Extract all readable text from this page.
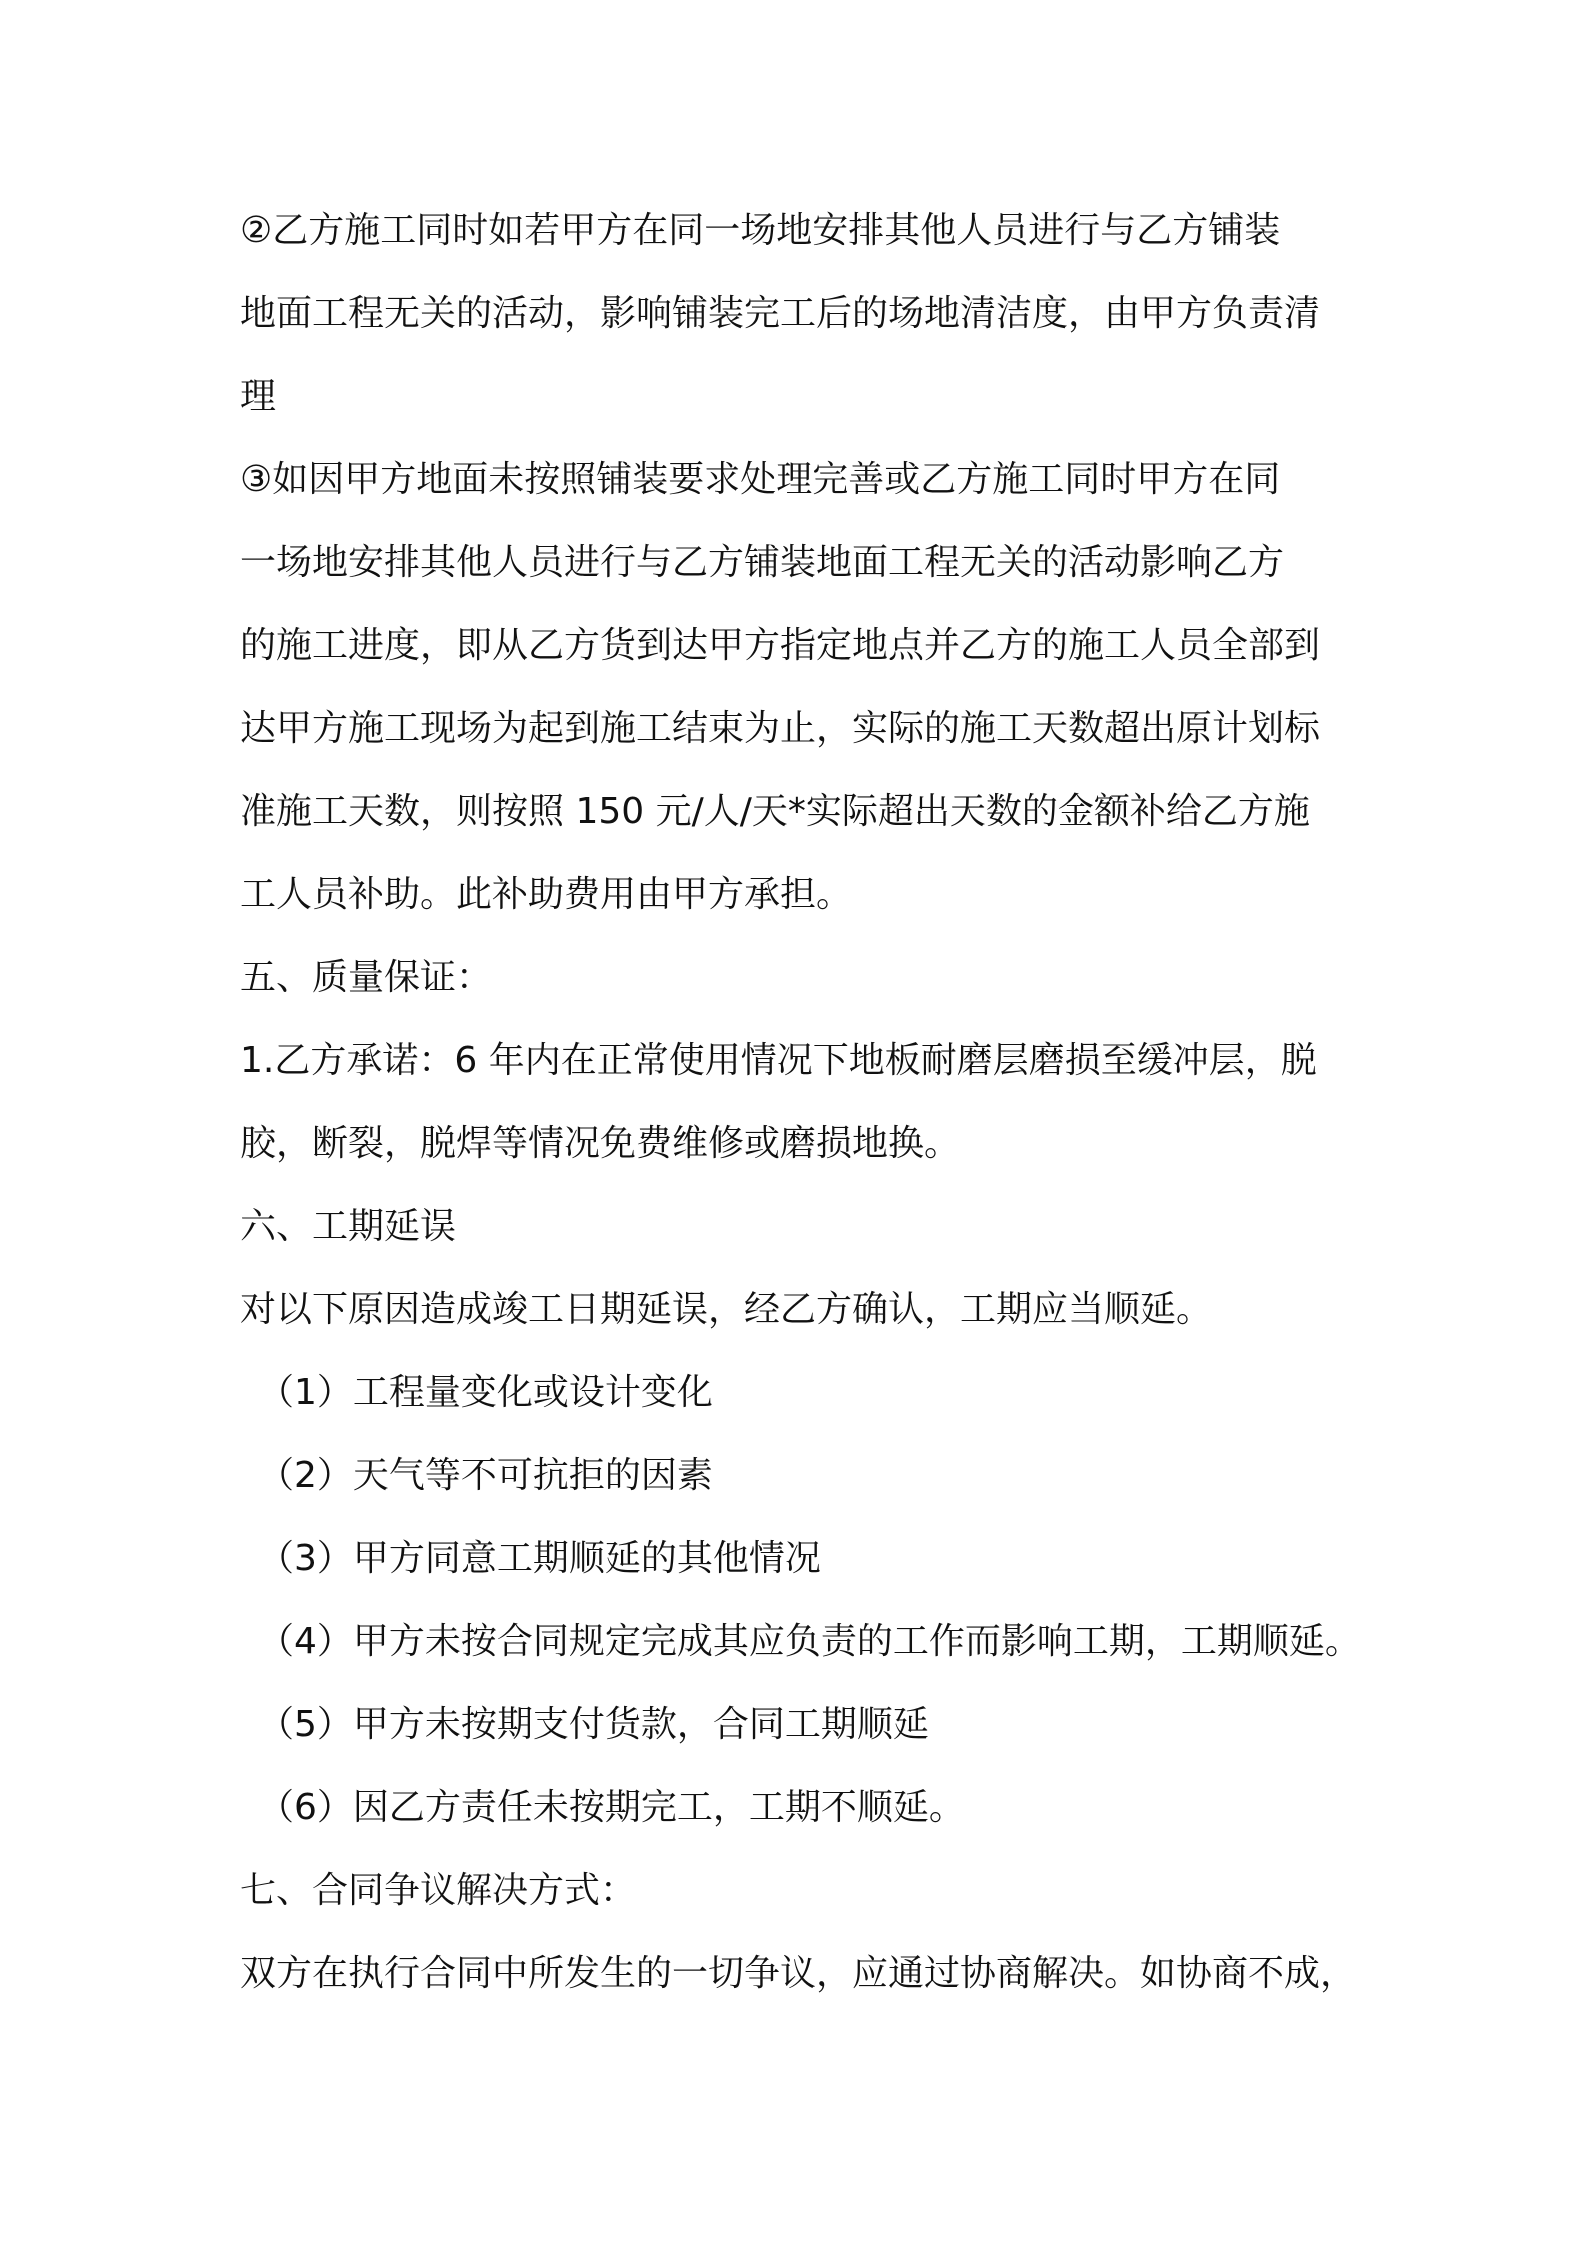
②乙方施工同时如若甲方在同一场地安排其他人员进行与乙方铺装
地面工程无关的活动，影响铺装完工后的场地清洁度，由甲方负责清
理
③如因甲方地面未按照铺装要求处理完善或乙方施工同时甲方在同
一场地安排其他人员进行与乙方铺装地面工程无关的活动影响乙方
的施工进度，即从乙方货到达甲方指定地点并乙方的施工人员全部到
达甲方施工现场为起到施工结束为止，实际的施工天数超出原计划标
准施工天数，则按照 150 元/人/天*实际超出天数的金额补给乙方施
工人员补助。此补助费用由甲方承担。
五、质量保证：
1.乙方承诺：6 年内在正常使用情况下地板耐磨层磨损至缓冲层，脱
胶，断裂，脱焊等情况免费维修或磨损地换。
六、工期延误
对以下原因造成竣工日期延误，经乙方确认，工期应当顺延。
（1）工程量变化或设计变化
（2）天气等不可抗拒的因素
（3）甲方同意工期顺延的其他情况
（4）甲方未按合同规定完成其应负责的工作而影响工期，工期顺延。
（5）甲方未按期支付货款，合同工期顺延
（6）因乙方责任未按期完工，工期不顺延。
七、合同争议解决方式：
双方在执行合同中所发生的一切争议，应通过协商解决。如协商不成，
